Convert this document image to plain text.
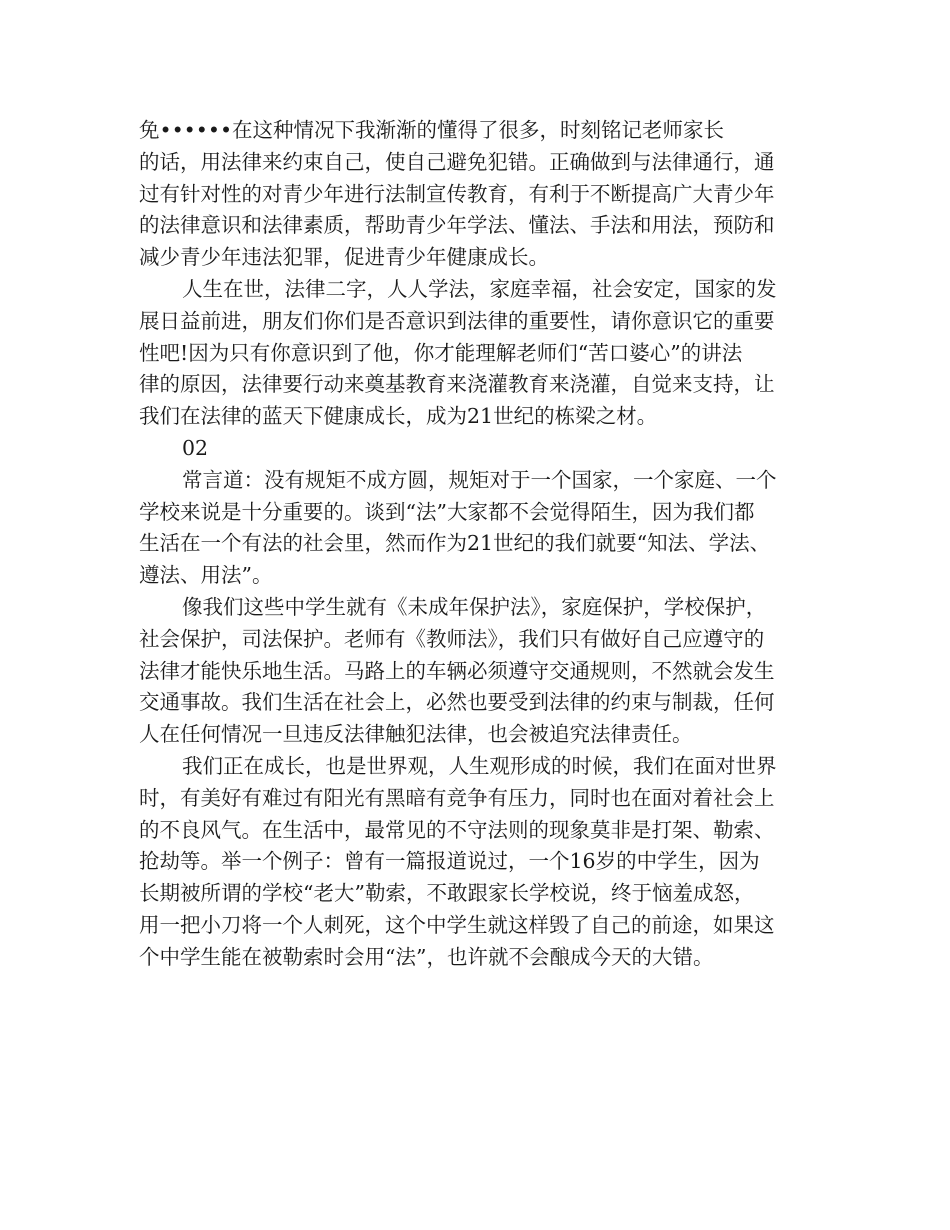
免••••••在这种情况下我渐渐的懂得了很多，时刻铭记老师家长
的话，用法律来约束自己，使自己避免犯错。正确做到与法律通行，通
过有针对性的对青少年进行法制宣传教育，有利于不断提高广大青少年
的法律意识和法律素质，帮助青少年学法、懂法、手法和用法，预防和
减少青少年违法犯罪，促进青少年健康成长。
人生在世，法律二字，人人学法，家庭幸福，社会安定，国家的发
展日益前进，朋友们你们是否意识到法律的重要性，请你意识它的重要
性吧!因为只有你意识到了他，你才能理解老师们“苦口婆心”的讲法
律的原因，法律要行动来奠基教育来浇灌教育来浇灌，自觉来支持，让
我们在法律的蓝天下健康成长，成为21世纪的栋梁之材。
02
常言道：没有规矩不成方圆，规矩对于一个国家，一个家庭、一个
学校来说是十分重要的。谈到“法”大家都不会觉得陌生，因为我们都
生活在一个有法的社会里，然而作为21世纪的我们就要“知法、学法、
遵法、用法”。
像我们这些中学生就有《未成年保护法》，家庭保护，学校保护，
社会保护，司法保护。老师有《教师法》，我们只有做好自己应遵守的
法律才能快乐地生活。马路上的车辆必须遵守交通规则，不然就会发生
交通事故。我们生活在社会上，必然也要受到法律的约束与制裁，任何
人在任何情况一旦违反法律触犯法律，也会被追究法律责任。
我们正在成长，也是世界观，人生观形成的时候，我们在面对世界
时，有美好有难过有阳光有黑暗有竞争有压力，同时也在面对着社会上
的不良风气。在生活中，最常见的不守法则的现象莫非是打架、勒索、
抢劫等。举一个例子：曾有一篇报道说过，一个16岁的中学生，因为
长期被所谓的学校“老大”勒索，不敢跟家长学校说，终于恼羞成怒，
用一把小刀将一个人刺死，这个中学生就这样毁了自己的前途，如果这
个中学生能在被勒索时会用“法”，也许就不会酿成今天的大错。
